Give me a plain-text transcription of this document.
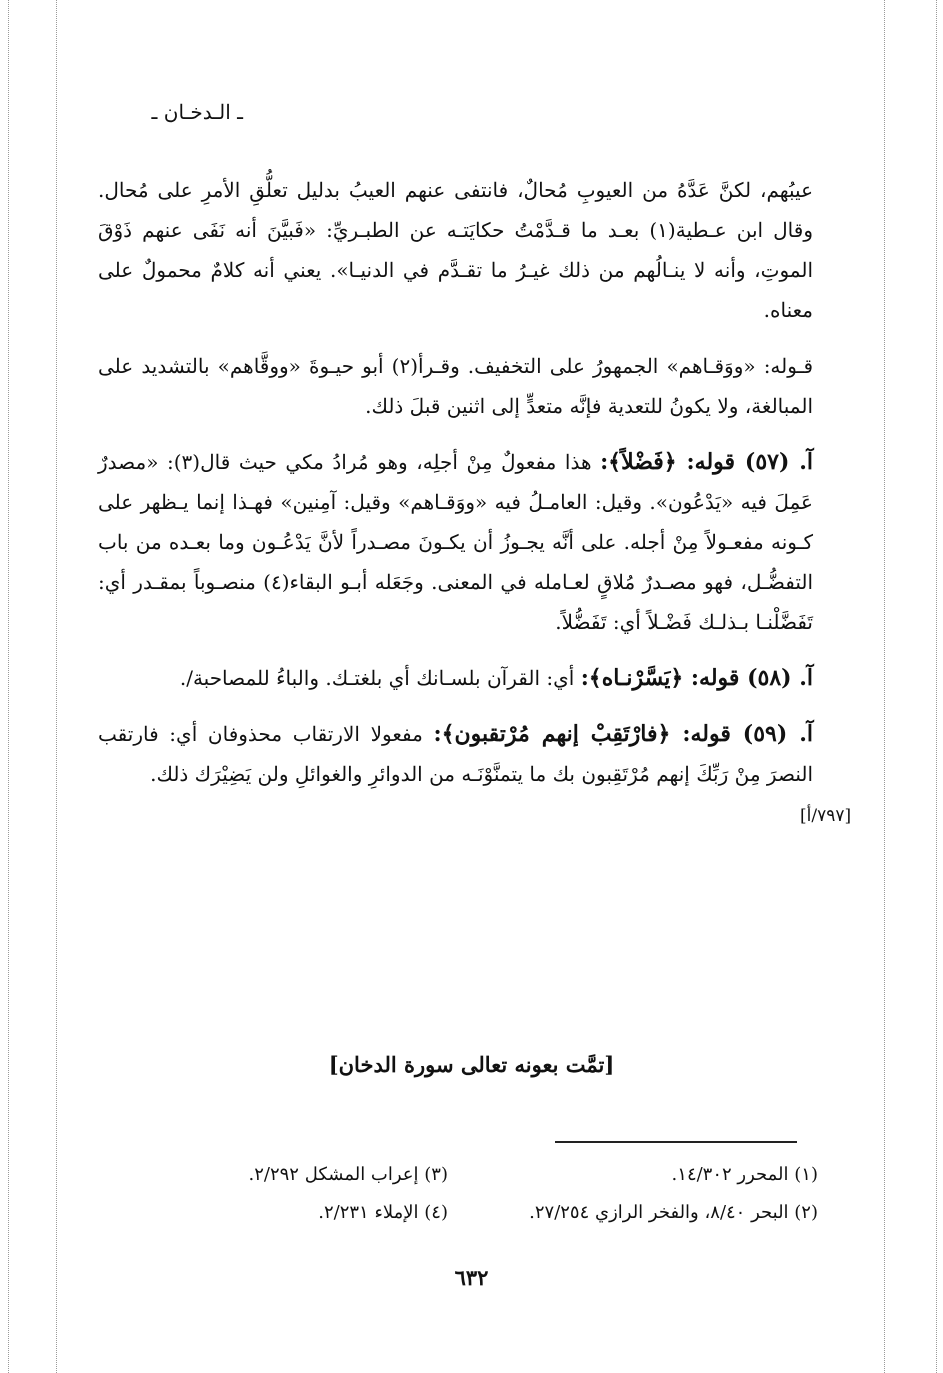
ـ الـدخـان ـ

عيبُهم، لكنَّ عَدَّهُ من العيوبِ مُحالٌ، فانتفى عنهم العيبُ بدليل تعلُّقِ الأمرِ على مُحال. وقال ابن عـطية(١) بعـد ما قـدَّمْتُ حكايَتـه عن الطبـريِّ: «فَبيَّنَ أنه نَفَى عنهم ذَوْقَ الموتِ، وأنه لا ينـالُهم من ذلك غيـرُ ما تقـدَّم في الدنيـا». يعني أنه كلامٌ محمولٌ على معناه.

قـوله: «ووَقـاهم» الجمهورُ على التخفيف. وقـرأ(٢) أبو حيـوةَ «ووقَّاهم» بالتشديد على المبالغة، ولا يكونُ للتعدية فإنَّه متعدٍّ إلى اثنين قبلَ ذلك.

آ. (٥٧) قوله: ﴿فَضْلاً﴾: هذا مفعولٌ مِنْ أجلِه، وهو مُرادُ مكي حيث قال(٣): «مصدرٌ عَمِلَ فيه «يَدْعُون». وقيل: العامـلُ فيه «ووَقـاهم» وقيل: آمِنين» فهـذا إنما يـظهر على كـونه مفعـولاً مِنْ أجله. على أنَّه يجـوزُ أن يكـونَ مصـدراً لأنَّ يَدْعُـون وما بعـده من باب التفضُّـل، فهو مصـدرٌ مُلاقٍ لعـامله في المعنى. وجَعَله أبـو البقاء(٤) منصـوباً بمقـدر أي: تَفَضَّلْنـا بـذلـك فَضْـلاً أي: تَفَضُّلاً.

آ. (٥٨) قوله: ﴿يَسَّرْنـاه﴾: أي: القرآن بلسـانك أي بلغتـك. والباءُ للمصاحبة/.

آ. (٥٩) قوله: ﴿فارْتَقِبْ إنهم مُرْتقبون﴾: مفعولا الارتقاب محذوفان أي: فارتقب النصرَ مِنْ رَبِّكَ إنهم مُرْتَقِبون بك ما يتمنَّوْنَـه من الدوائرِ والغوائلِ ولن يَضِيْرَك ذلك.

[٧٩٧/أ]
[تمَّت بعونه تعالى سورة الدخان]
(١) المحرر ١٤/٣٠٢.
(٣) إعراب المشكل ٢/٢٩٢.
(٢) البحر ٨/٤٠، والفخر الرازي ٢٧/٢٥٤.
(٤) الإملاء ٢/٢٣١.
٦٣٢
